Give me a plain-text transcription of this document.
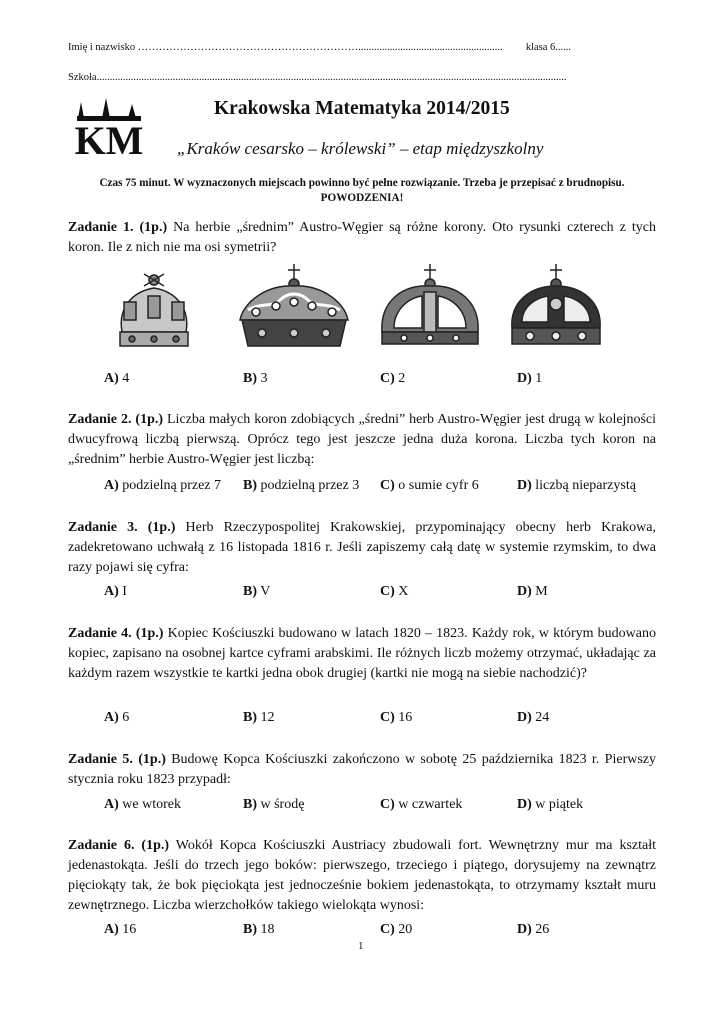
Imię i nazwisko ………………………………………………………....................................................... klasa 6......
Szkoła...................................................................................................................................................................................
KM
Krakowska Matematyka 2014/2015
„Kraków cesarsko – królewski” – etap międzyszkolny
Czas 75 minut. W wyznaczonych miejscach powinno być pełne rozwiązanie. Trzeba je przepisać z brudnopisu.
POWODZENIA!
Zadanie 1. (1p.) Na herbie „średnim” Austro-Węgier są różne korony. Oto rysunki czterech z tych koron. Ile z nich nie ma osi symetrii?
A) 4	B) 3	C) 2	D) 1
Zadanie 2. (1p.) Liczba małych koron zdobiących „średni” herb Austro-Węgier jest drugą w kolejności dwucyfrową liczbą pierwszą. Oprócz tego jest jeszcze jedna duża korona. Liczba tych koron na „średnim” herbie Austro-Węgier jest liczbą:
A) podzielną przez 7 B) podzielną przez 3 C) o sumie cyfr 6	D) liczbą nieparzystą
Zadanie 3. (1p.) Herb Rzeczypospolitej Krakowskiej, przypominający obecny herb Krakowa, zadekretowano uchwałą z 16 listopada 1816 r. Jeśli zapiszemy całą datę w systemie rzymskim, to dwa razy pojawi się cyfra:
A) I	B) V	C) X	D) M
Zadanie 4. (1p.) Kopiec Kościuszki budowano w latach 1820 – 1823. Każdy rok, w którym budowano kopiec, zapisano na osobnej kartce cyframi arabskimi. Ile różnych liczb możemy otrzymać, układając za każdym razem wszystkie te kartki jedna obok drugiej (kartki nie mogą na siebie nachodzić)?
A) 6	B) 12	C) 16	D) 24
Zadanie 5. (1p.) Budowę Kopca Kościuszki zakończono w sobotę 25 października 1823 r. Pierwszy stycznia roku 1823 przypadł:
A) we wtorek	B) w środę	C) w czwartek	D) w piątek
Zadanie 6. (1p.) Wokół Kopca Kościuszki Austriacy zbudowali fort. Wewnętrzny mur ma kształt jedenastokąta. Jeśli do trzech jego boków: pierwszego, trzeciego i piątego, dorysujemy na zewnątrz pięciokąty tak, że bok pięciokąta jest jednocześnie bokiem jedenastokąta, to otrzymamy kształt muru zewnętrznego. Liczba wierzchołków takiego wielokąta wynosi:
A) 16	B) 18	C) 20	D) 26
1
